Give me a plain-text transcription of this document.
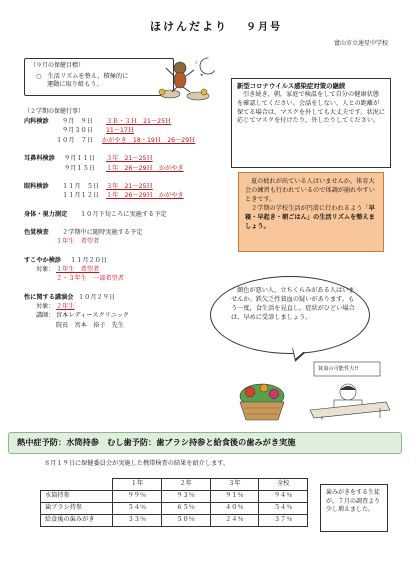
ほけんだより ９月号
富山市立速星中学校
（９月の保健目標）
○　 生活リズムを整え，積極的に
運動に取り組もう。
☆
★
（２学期の保健行事）
内科検診	９月　９日	３Ｂ・３Ｈ　21～25Ｈ
９月３０日	11～17Ｈ
１０月　７日	かがやき　18・19Ｈ　26～29Ｈ
耳鼻科検診	９月１１日	３年　21～25Ｈ
９月１５日	１年　26～29Ｈ　かがやき
眼科検診	１１月　５日	３年　21～25Ｈ
１１月１２日	１年　26～29Ｈ　かがやき
身体・視力測定	１０月下旬ころに実施する予定
色覚検査	２学期中に随時実施する予定
１年生　希望者
すこやか検診	１１月２０日
対象： １年生　希望者
２・３年生　一部希望者
性に関する講演会 １０月２９日
対象： ２年生
講師： 宮本レディースクリニック
院長　宮本　裕子　先生
新型コロナウイルス感染症対策の継続
引き続き，朝，家庭で検温をして自分の健康状態を確認してください。会話をしない，人との距離が保てる場合は，マスクを外しても大丈夫です。状況に応じてマスクを付けたり，外したりしてください。
夏の疲れが出ている人はいませんか。体育大会の練習も行われているので体調が崩れやすいときです。
２学期の学校生活が円滑に行われるよう「早寝・早起き・朝ごはん」の生活リズムを整えましょう。
顔色が悪い人，立ちくらみがある人はいませんか。鉄欠乏性貧血の疑いがあります。もう一度，食生活を見直し，症状がひどい場合は，早めに受診しましょう。
貧血の可能性大!!
熱中症予防：水筒持参　むし歯予防：歯ブラシ持参と給食後の歯みがき実施
８月１９日に保健委員会が実施した携帯検査の結果を紹介します。
	１年	２年	３年	全校
水筒持参	９９％	９３％	９１％	９４％
歯ブラシ持参	５４％	６５％	４０％	５４％
給食後の歯みがき	３３％	５０％	２４％	３７％
歯みがきをする生徒が，７月の調査より少し増えました。
